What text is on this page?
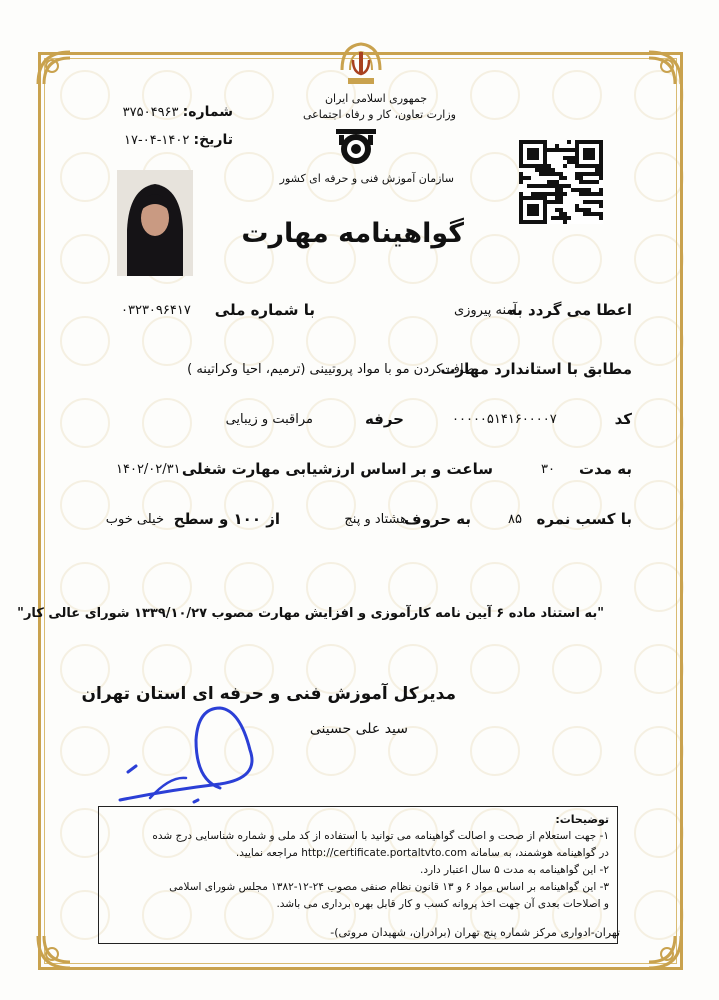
جمهوری اسلامی ایران
وزارت تعاون، کار و رفاه اجتماعی
سازمان آموزش فنی و حرفه ای کشور
شماره: ۳۷۵۰۴۹۶۳
تاریخ: ۱۴۰۲-۰۴-۱۷
گواهینامه مهارت
اعطا می گردد به
آمنه پیروزی
با شماره ملی
۰۳۲۳۰۹۶۴۱۷
مطابق با استاندارد مهارت
صاف کردن مو با مواد پروتیینی (ترمیم، احیا وکراتینه )
کد
۰۰۰۰۰۵۱۴۱۶۰۰۰۰۷
حرفه
مراقبت و زیبایی
به مدت
۳۰
ساعت و بر اساس ارزشیابی مهارت شغلی
۱۴۰۲/۰۲/۳۱
با کسب نمره
۸۵
به حروف
هشتاد و پنج
از ۱۰۰ و سطح
خیلی خوب
"به استناد ماده ۶ آیین نامه کارآموزی و افزایش مهارت مصوب ۱۳۳۹/۱۰/۲۷ شورای عالی کار"
مدیرکل آموزش فنی و حرفه ای استان تهران
سید علی حسینی
توضیحات:
۱- جهت استعلام از صحت و اصالت گواهینامه می توانید با استفاده از کد ملی و شماره شناسایی درج شده
در گواهینامه هوشمند، به سامانه http://certificate.portaltvto.com مراجعه نمایید.
۲- این گواهینامه به مدت ۵ سال اعتبار دارد.
۳- این گواهینامه بر اساس مواد ۶ و ۱۳ قانون نظام صنفی مصوب ۲۴-۱۲-۱۳۸۲ مجلس شورای اسلامی
و اصلاحات بعدی آن جهت اخذ پروانه کسب و کار قابل بهره برداری می باشد.
تهران-ادواری مرکز شماره پنج تهران (برادران، شهیدان مروتی)-
